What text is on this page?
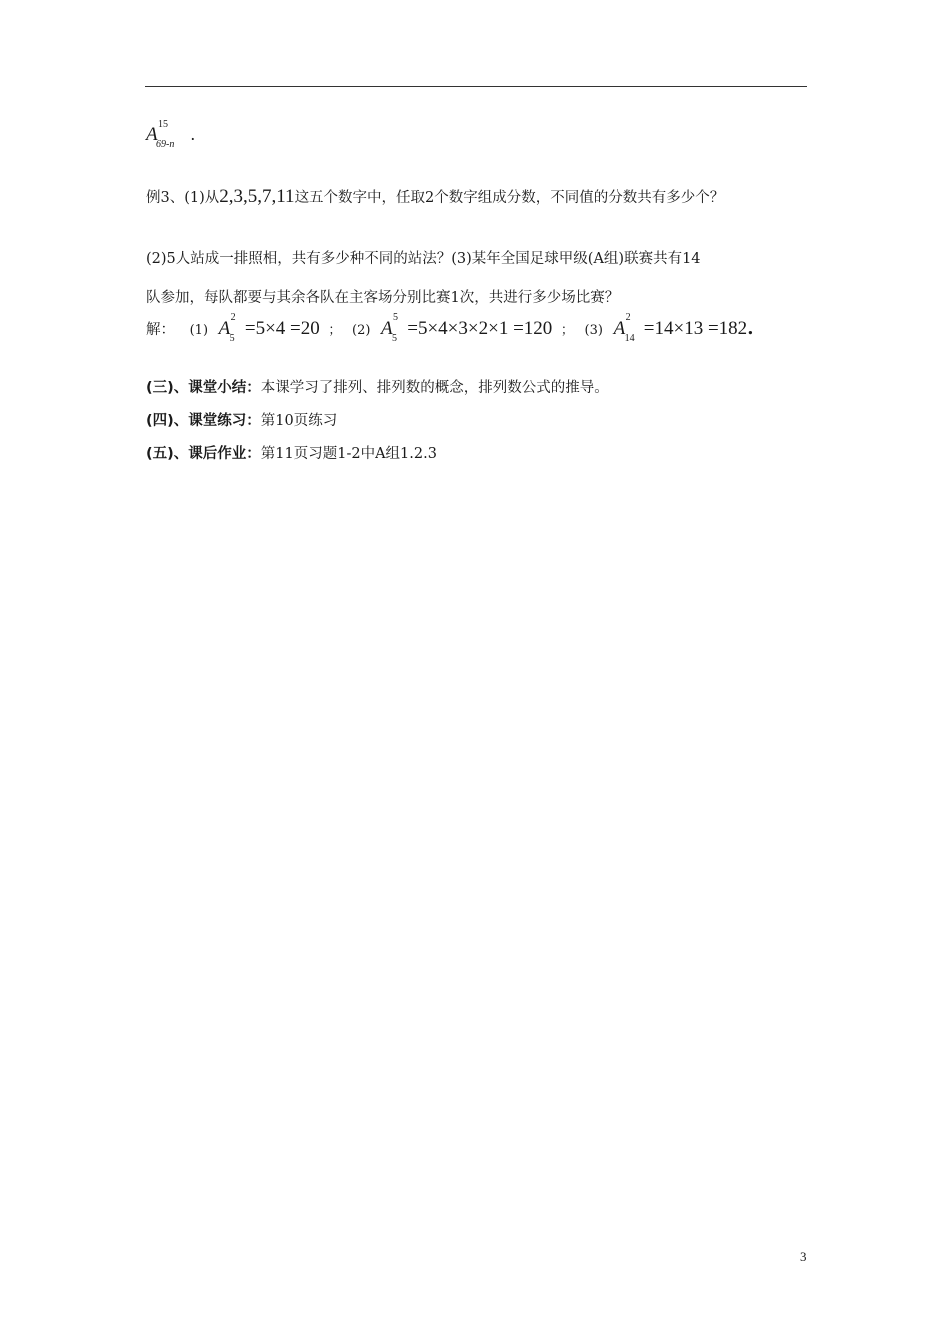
A 15
69-n
.
例3、(1)从2,3,5,7,11这五个数字中，任取2个数字组成分数，不同值的分数共有多少个？
(2)5人站成一排照相，共有多少种不同的站法？(3)某年全国足球甲级(A组)联赛共有14
队参加，每队都要与其余各队在主客场分别比赛1次，共进行多少场比赛？
解： (1) A
2
5 =5×4 =20 ； (2) A
5
5 =5×4×3×2×1 =120 ； (3) A
2
14 =14×13 =182.
(三)、课堂小结：本课学习了排列、排列数的概念，排列数公式的推导。
(四)、课堂练习：第10页练习
(五)、课后作业：第11页习题1-2中A组1.2.3
3
